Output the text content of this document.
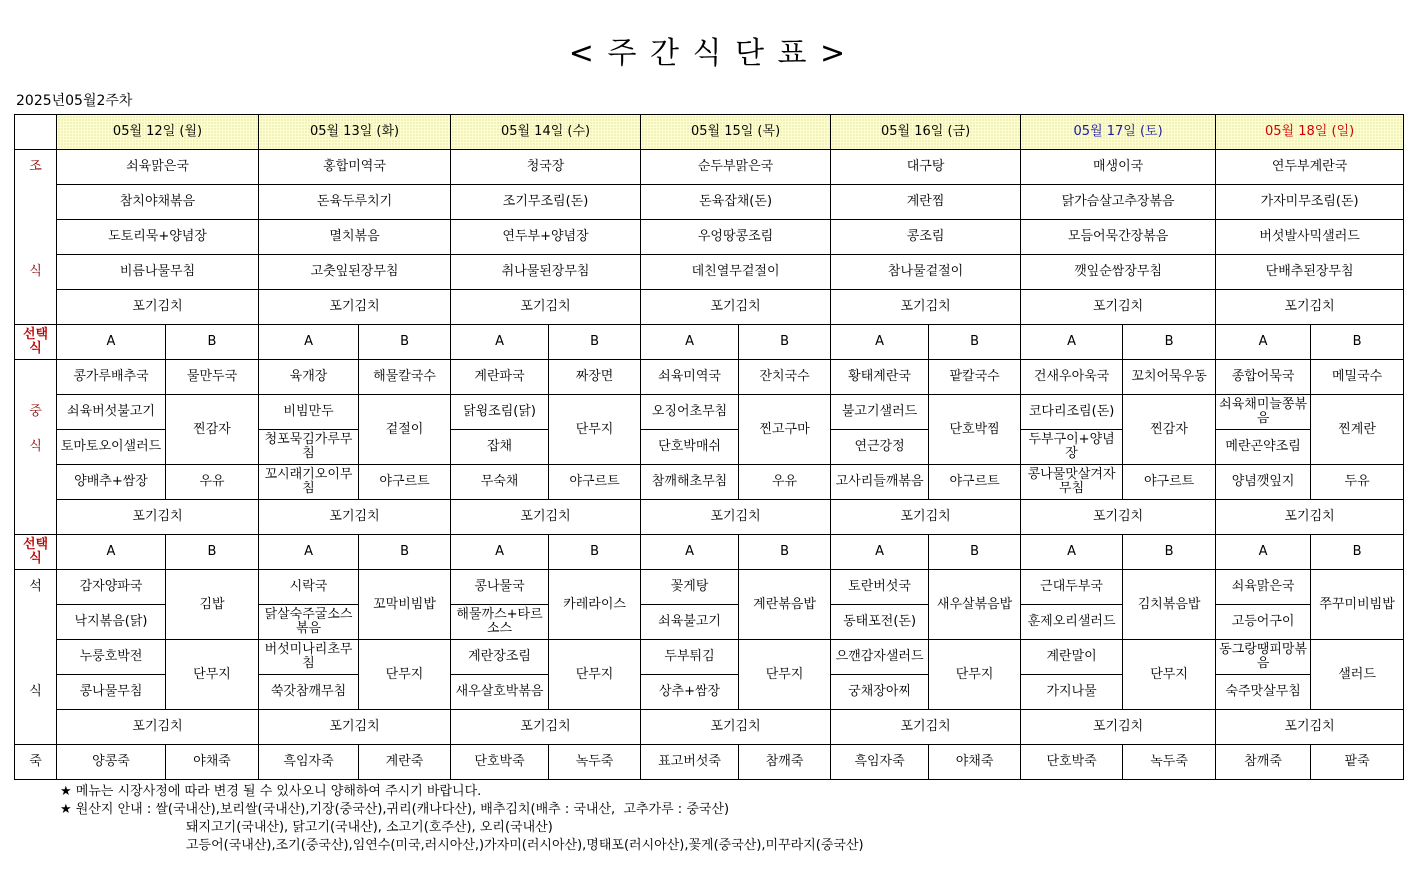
< 주 간 식 단 표 >
2025년05월2주차
	05월 12일 (월)		05월 13일 (화)		05월 14일 (수)		05월 15일 (목)		05월 16일 (금)		05월 17일 (토)		05월 18일 (일)	
조	쇠육맑은국		홍합미역국		청국장		순두부맑은국		대구탕		매생이국		연두부계란국	
	참치야채볶음		돈육두루치기		조기무조림(돈)		돈육잡채(돈)		계란찜		닭가슴살고추장볶음		가자미무조림(돈)	
	도토리묵+양념장		멸치볶음		연두부+양념장		우엉땅콩조림		콩조림		모듬어묵간장볶음		버섯발사믹샐러드	
식	비름나물무침		고춧잎된장무침		취나물된장무침		데친열무겉절이		참나물겉절이		깻잎순쌈장무침		단배추된장무침	
	포기김치		포기김치		포기김치		포기김치		포기김치		포기김치		포기김치	
선택식	A	B	A	B	A	B	A	B	A	B	A	B	A	B
	콩가루배추국	물만두국	육개장	해물칼국수	계란파국	짜장면	쇠육미역국	잔치국수	황태계란국	팥칼국수	건새우아욱국	꼬치어묵우동	종합어묵국	메밀국수
중	쇠육버섯불고기	찐감자	비빔만두	겉절이	닭윙조림(닭)	단무지	오징어초무침	찐고구마	불고기샐러드	단호박찜	코다리조림(돈)	찐감자	쇠육채미늘쫑볶음	찐계란
식	토마토오이샐러드		청포묵김가루무침		잡채		단호박매쉬		연근강정		두부구이+양념장		메란곤약조림	
	양배추+쌈장	우유	꼬시래기오이무침	야구르트	무숙채	야구르트	참깨해초무침	우유	고사리들깨볶음	야구르트	콩나물맛살겨자무침	야구르트	양념깻잎지	두유
	포기김치		포기김치		포기김치		포기김치		포기김치		포기김치		포기김치	
선택식	A	B	A	B	A	B	A	B	A	B	A	B	A	B
석	감자양파국	김밥	시락국	꼬막비빔밥	콩나물국	카레라이스	꽃게탕	계란볶음밥	토란버섯국	새우살볶음밥	근대두부국	김치볶음밥	쇠육맑은국	쭈꾸미비빔밥
	낙지볶음(닭)		닭살숙주굴소스볶음		해물까스+타르소스		쇠육불고기		동태포전(돈)		훈제오리샐러드		고등어구이	
	누룽호박전	단무지	버섯미나리초무침	단무지	계란장조림	단무지	두부튀김	단무지	으깬감자샐러드	단무지	계란말이	단무지	동그랑땡피망볶음	샐러드
식	콩나물무침		쑥갓참깨무침		새우살호박볶음		상추+쌈장		궁채장아찌		가지나물		숙주맛살무침	
	포기김치		포기김치		포기김치		포기김치		포기김치		포기김치		포기김치	
죽	양콩죽	야채죽	흑임자죽	계란죽	단호박죽	녹두죽	표고버섯죽	참깨죽	흑임자죽	야채죽	단호박죽	녹두죽	참깨죽	팥죽
★ 메뉴는 시장사정에 따라 변경 될 수 있사오니 양해하여 주시기 바랍니다.
★ 원산지 안내 : 쌀(국내산),보리쌀(국내산),기장(중국산),귀리(캐나다산), 배추김치(배추 : 국내산,  고추가루 : 중국산)
돼지고기(국내산), 닭고기(국내산), 소고기(호주산), 오리(국내산)
고등어(국내산),조기(중국산),임연수(미국,러시아산,)가자미(러시아산),명태포(러시아산),꽃게(중국산),미꾸라지(중국산)
